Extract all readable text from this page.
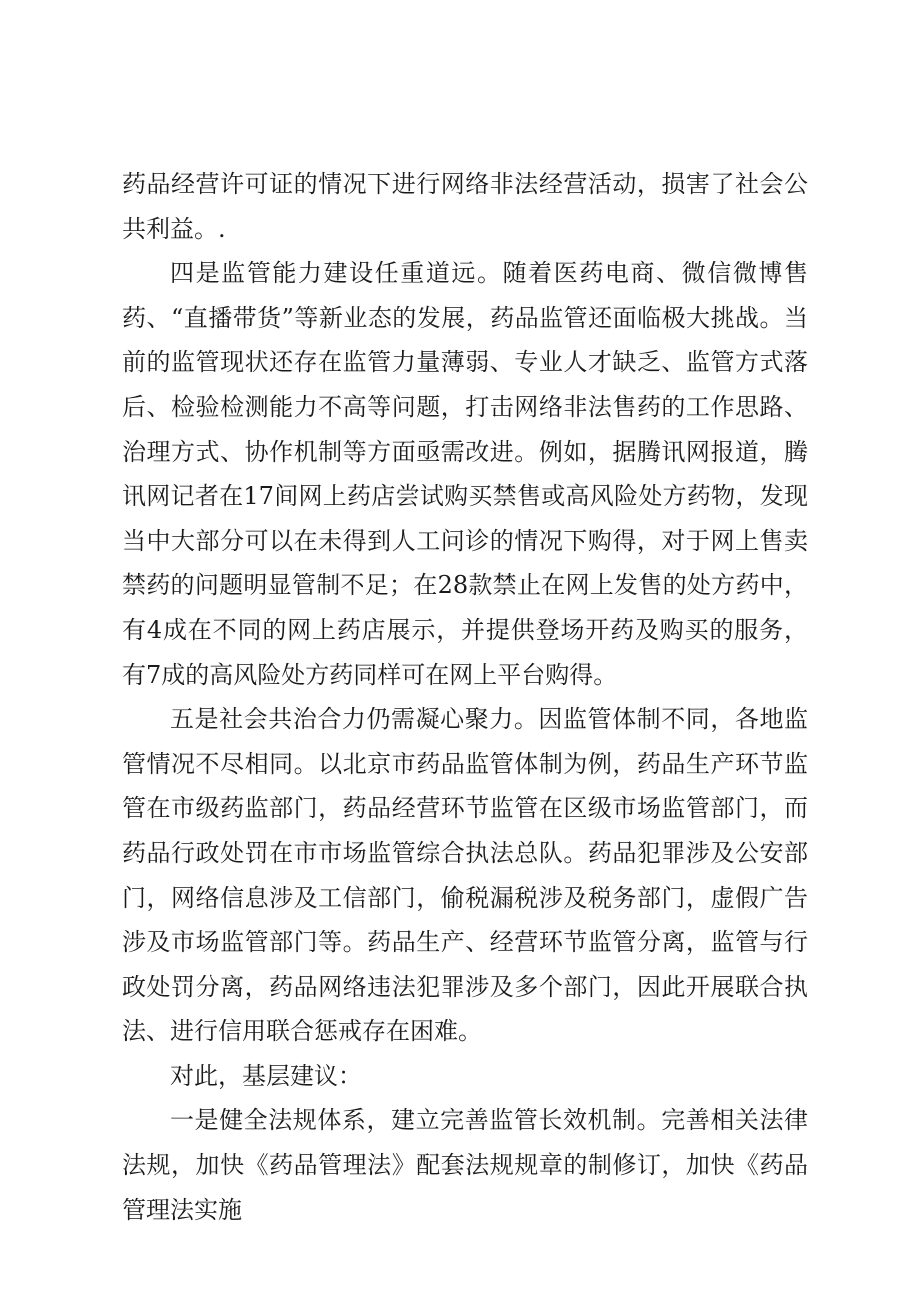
药品经营许可证的情况下进行网络非法经营活动，损害了社会公共利益。.

四是监管能力建设任重道远。随着医药电商、微信微博售药、“直播带货”等新业态的发展，药品监管还面临极大挑战。当前的监管现状还存在监管力量薄弱、专业人才缺乏、监管方式落后、检验检测能力不高等问题，打击网络非法售药的工作思路、治理方式、协作机制等方面亟需改进。例如，据腾讯网报道，腾讯网记者在17间网上药店尝试购买禁售或高风险处方药物，发现当中大部分可以在未得到人工问诊的情况下购得，对于网上售卖禁药的问题明显管制不足；在28款禁止在网上发售的处方药中，有4成在不同的网上药店展示，并提供登场开药及购买的服务，有7成的高风险处方药同样可在网上平台购得。

五是社会共治合力仍需凝心聚力。因监管体制不同，各地监管情况不尽相同。以北京市药品监管体制为例，药品生产环节监管在市级药监部门，药品经营环节监管在区级市场监管部门，而药品行政处罚在市市场监管综合执法总队。药品犯罪涉及公安部门，网络信息涉及工信部门，偷税漏税涉及税务部门，虚假广告涉及市场监管部门等。药品生产、经营环节监管分离，监管与行政处罚分离，药品网络违法犯罪涉及多个部门，因此开展联合执法、进行信用联合惩戒存在困难。

对此，基层建议：

一是健全法规体系，建立完善监管长效机制。完善相关法律法规，加快《药品管理法》配套法规规章的制修订，加快《药品管理法实施
